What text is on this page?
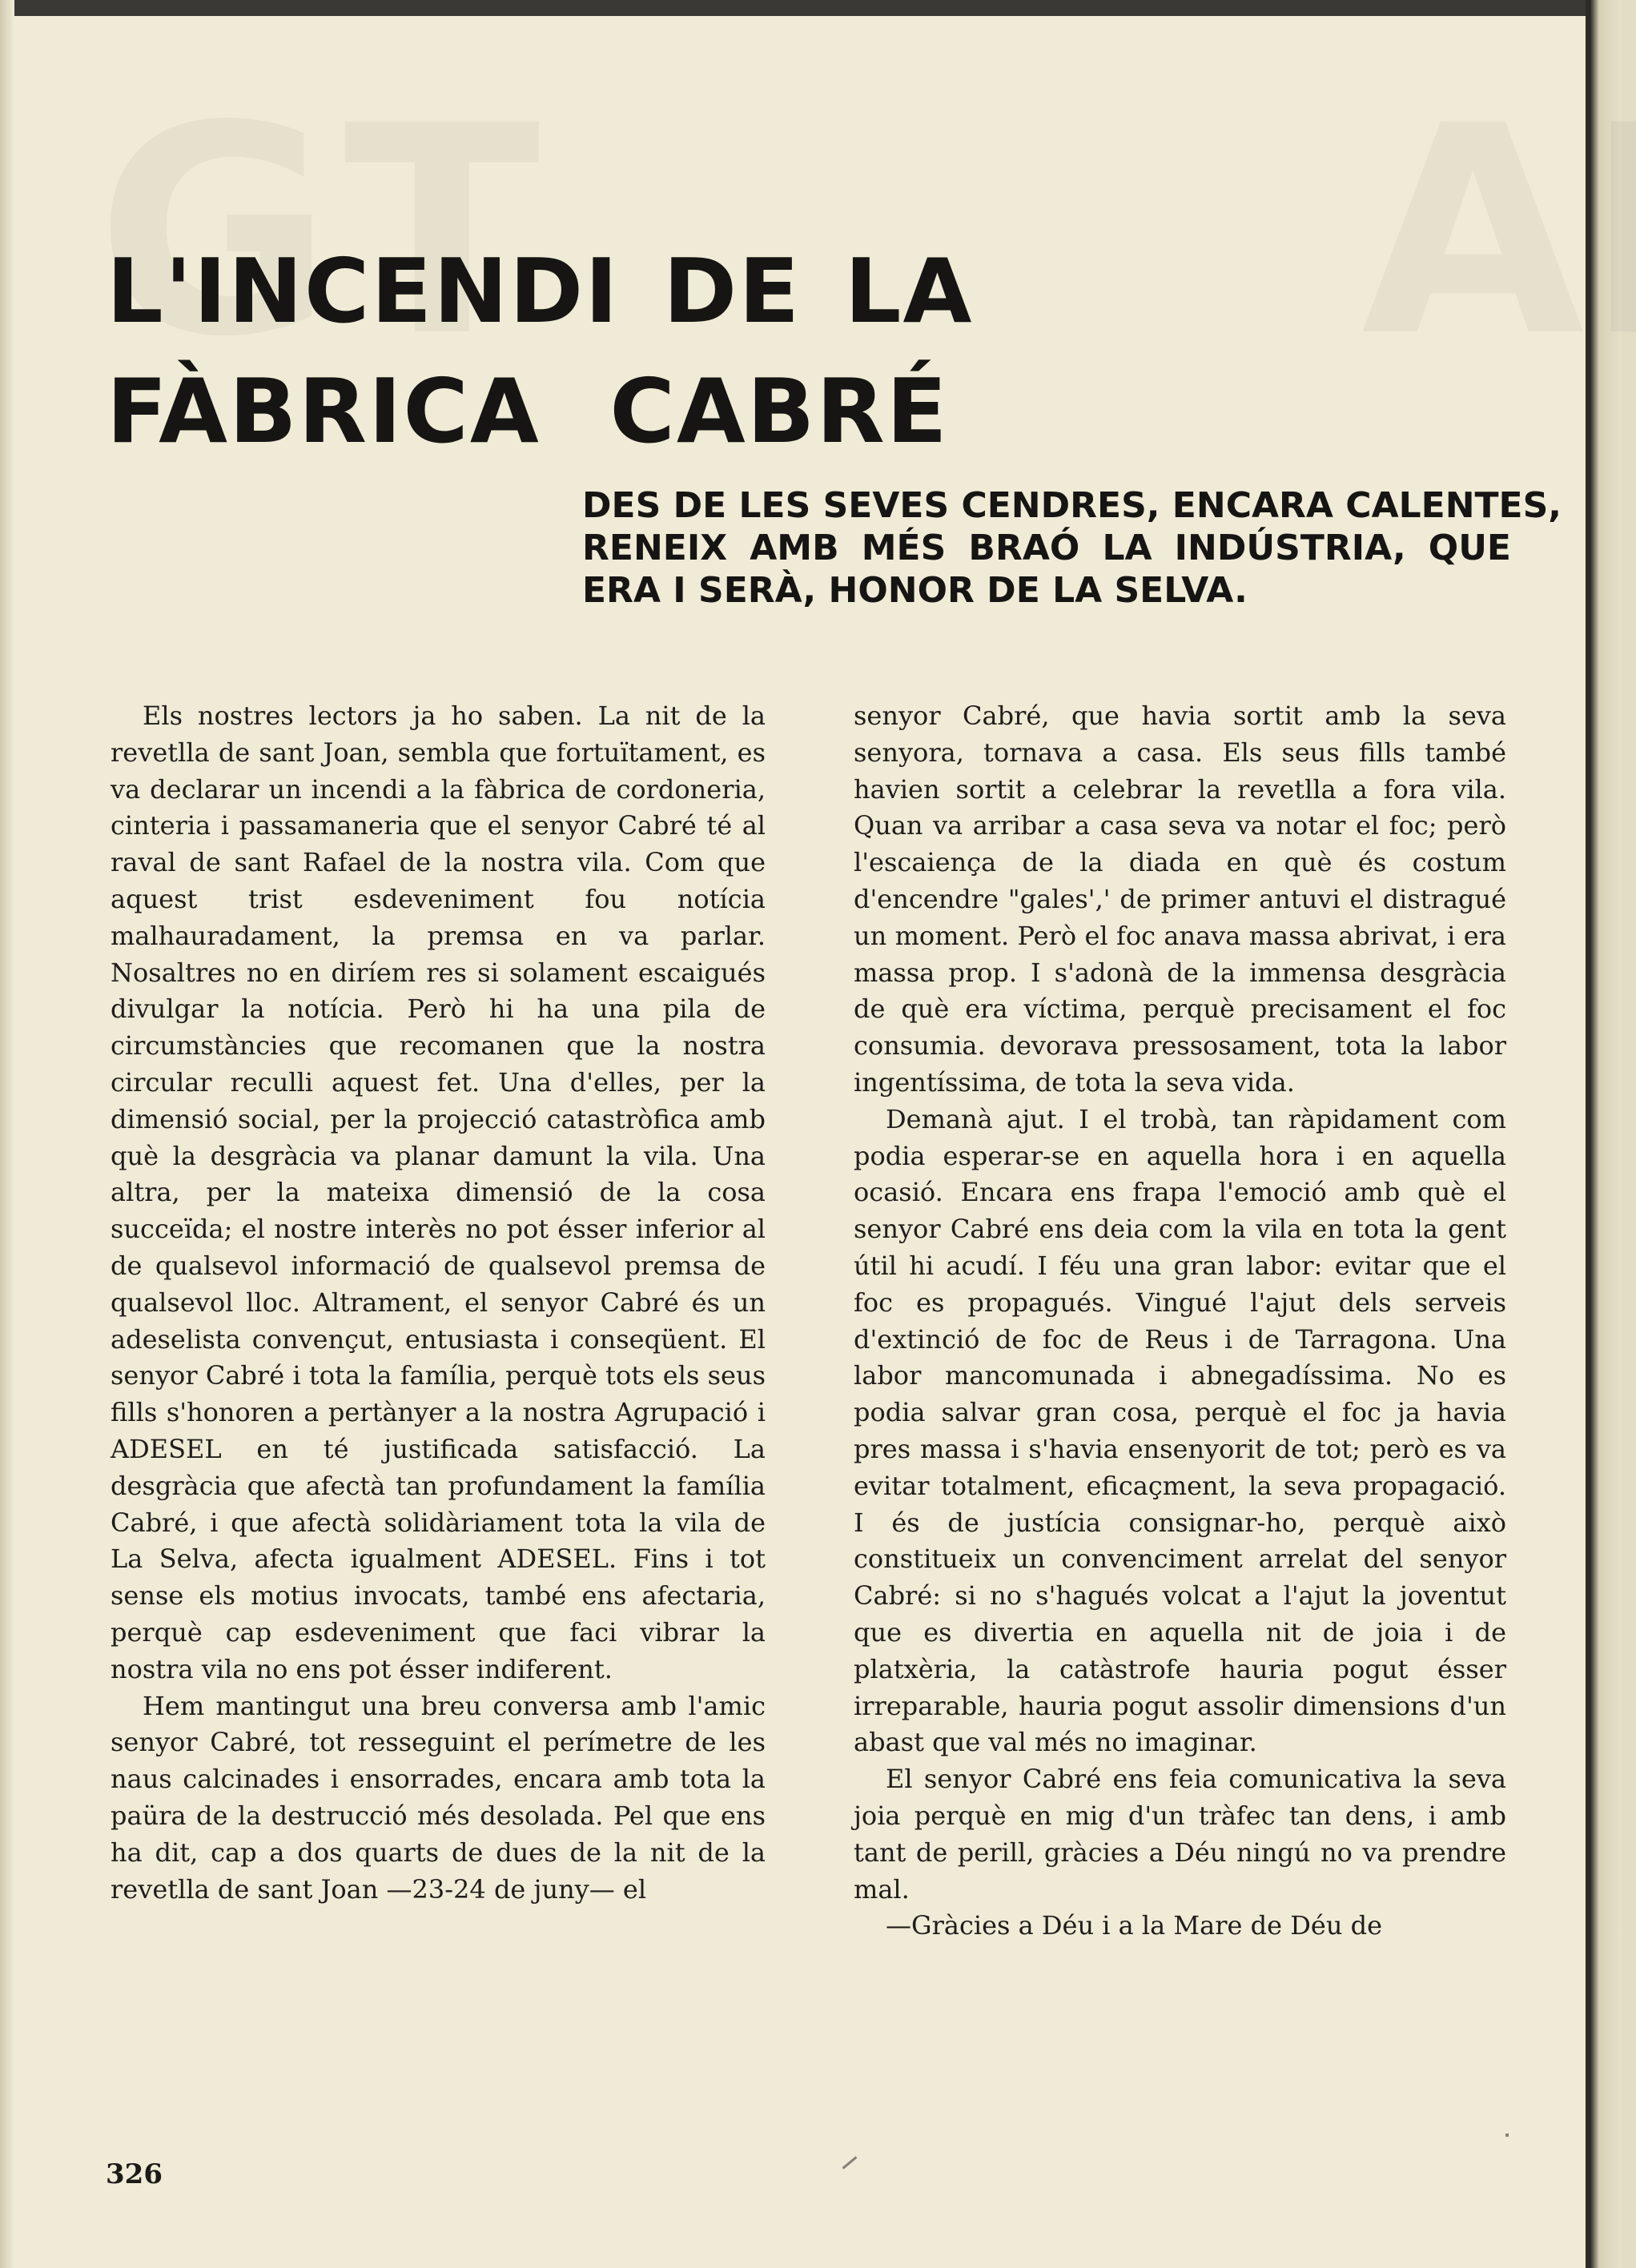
L'INCENDI DE LA
FÀBRICA CABRÉ
DES DE LES SEVES CENDRES, ENCARA CALENTES,
RENEIX AMB MÉS BRAÓ LA INDÚSTRIA, QUE
ERA I SERÀ, HONOR DE LA SELVA.

Els nostres lectors ja ho saben. La nit de la revetlla de sant Joan, sembla que fortuïtament, es va declarar un incendi a la fàbrica de cordoneria, cinteria i passamaneria que el senyor Cabré té al raval de sant Rafael de la nostra vila. Com que aquest trist esdeveniment fou notícia malhauradament, la premsa en va parlar. Nosaltres no en diríem res si solament escaigués divulgar la notícia. Però hi ha una pila de circumstàncies que recomanen que la nostra circular reculli aquest fet. Una d'elles, per la dimensió social, per la projecció catastròfica amb què la desgràcia va planar damunt la vila. Una altra, per la mateixa dimensió de la cosa succeïda; el nostre interès no pot ésser inferior al de qualsevol informació de qualsevol premsa de qualsevol lloc. Altrament, el senyor Cabré és un adeselista convençut, entusiasta i conseqüent. El senyor Cabré i tota la família, perquè tots els seus fills s'honoren a pertànyer a la nostra Agrupació i ADESEL en té justificada satisfacció. La desgràcia que afectà tan profundament la família Cabré, i que afectà solidàriament tota la vila de La Selva, afecta igualment ADESEL. Fins i tot sense els motius invocats, també ens afectaria, perquè cap esdeveniment que faci vibrar la nostra vila no ens pot ésser indiferent.

Hem mantingut una breu conversa amb l'amic senyor Cabré, tot resseguint el perímetre de les naus calcinades i ensorrades, encara amb tota la paüra de la destrucció més desolada. Pel que ens ha dit, cap a dos quarts de dues de la nit de la revetlla de sant Joan —23-24 de juny— el

senyor Cabré, que havia sortit amb la seva senyora, tornava a casa. Els seus fills també havien sortit a celebrar la revetlla a fora vila. Quan va arribar a casa seva va notar el foc; però l'escaiença de la diada en què és costum d'encendre "gales',' de primer antuvi el distragué un moment. Però el foc anava massa abrivat, i era massa prop. I s'adonà de la immensa desgràcia de què era víctima, perquè precisament el foc consumia. devorava pressosament, tota la labor ingentíssima, de tota la seva vida.

Demanà ajut. I el trobà, tan ràpidament com podia esperar-se en aquella hora i en aquella ocasió. Encara ens frapa l'emoció amb què el senyor Cabré ens deia com la vila en tota la gent útil hi acudí. I féu una gran labor: evitar que el foc es propagués. Vingué l'ajut dels serveis d'extinció de foc de Reus i de Tarragona. Una labor mancomunada i abnegadíssima. No es podia salvar gran cosa, perquè el foc ja havia pres massa i s'havia ensenyorit de tot; però es va evitar totalment, eficaçment, la seva propagació. I és de justícia consignar-ho, perquè això constitueix un convenciment arrelat del senyor Cabré: si no s'hagués volcat a l'ajut la joventut que es divertia en aquella nit de joia i de platxèria, la catàstrofe hauria pogut ésser irreparable, hauria pogut assolir dimensions d'un abast que val més no imaginar.

El senyor Cabré ens feia comunicativa la seva joia perquè en mig d'un tràfec tan dens, i amb tant de perill, gràcies a Déu ningú no va prendre mal.

—Gràcies a Déu i a la Mare de Déu de

326
